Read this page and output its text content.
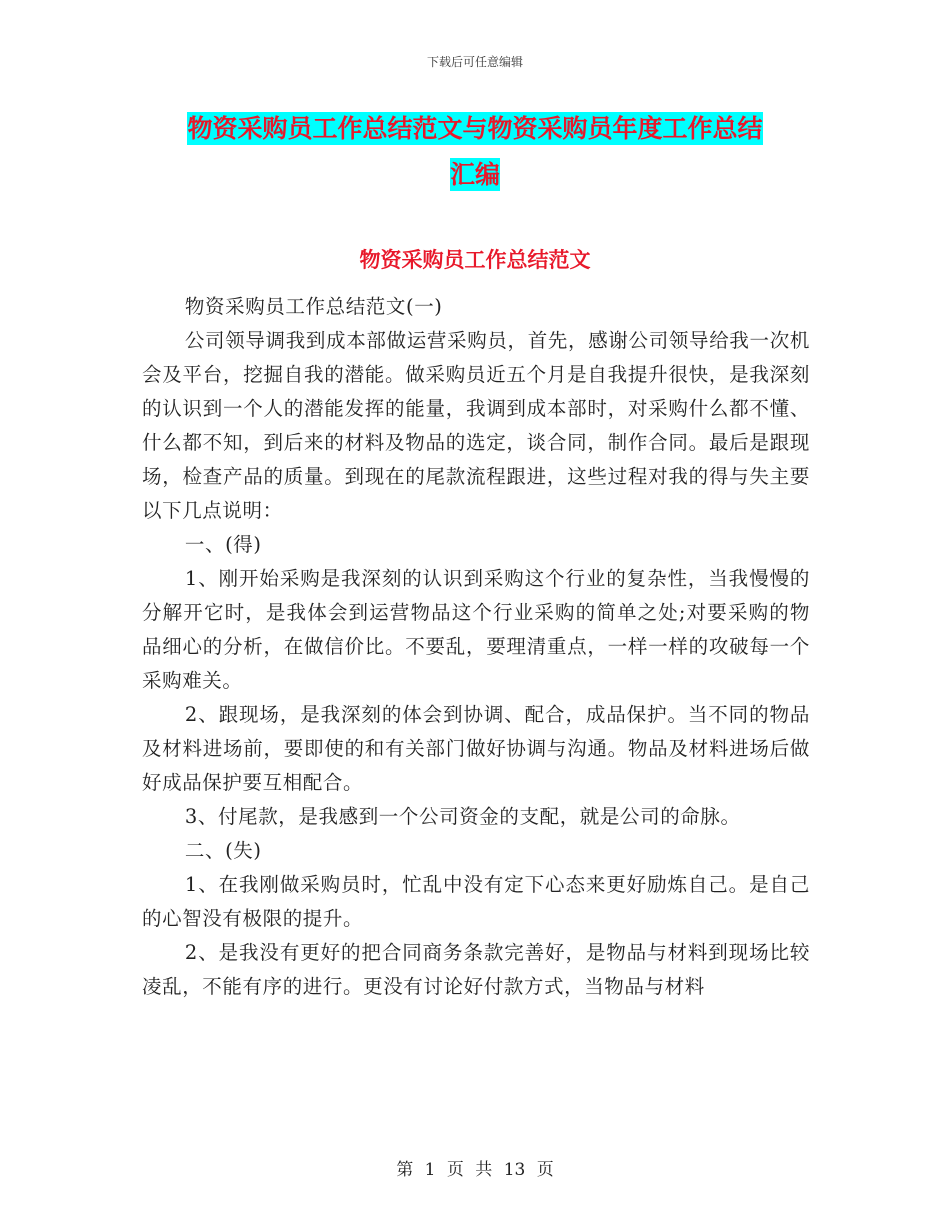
下载后可任意编辑
物资采购员工作总结范文与物资采购员年度工作总结
汇编
物资采购员工作总结范文

物资采购员工作总结范文(一)

公司领导调我到成本部做运营采购员，首先，感谢公司领导给我一次机会及平台，挖掘自我的潜能。做采购员近五个月是自我提升很快，是我深刻的认识到一个人的潜能发挥的能量，我调到成本部时，对采购什么都不懂、什么都不知，到后来的材料及物品的选定，谈合同，制作合同。最后是跟现场，检查产品的质量。到现在的尾款流程跟进，这些过程对我的得与失主要以下几点说明：

一、(得)

1、刚开始采购是我深刻的认识到采购这个行业的复杂性，当我慢慢的分解开它时，是我体会到运营物品这个行业采购的简单之处;对要采购的物品细心的分析，在做信价比。不要乱，要理清重点，一样一样的攻破每一个采购难关。

2、跟现场，是我深刻的体会到协调、配合，成品保护。当不同的物品及材料进场前，要即使的和有关部门做好协调与沟通。物品及材料进场后做好成品保护要互相配合。

3、付尾款，是我感到一个公司资金的支配，就是公司的命脉。

二、(失)

1、在我刚做采购员时，忙乱中没有定下心态来更好励炼自己。是自己的心智没有极限的提升。

2、是我没有更好的把合同商务条款完善好，是物品与材料到现场比较凌乱，不能有序的进行。更没有讨论好付款方式，当物品与材料

第 1 页 共 13 页
